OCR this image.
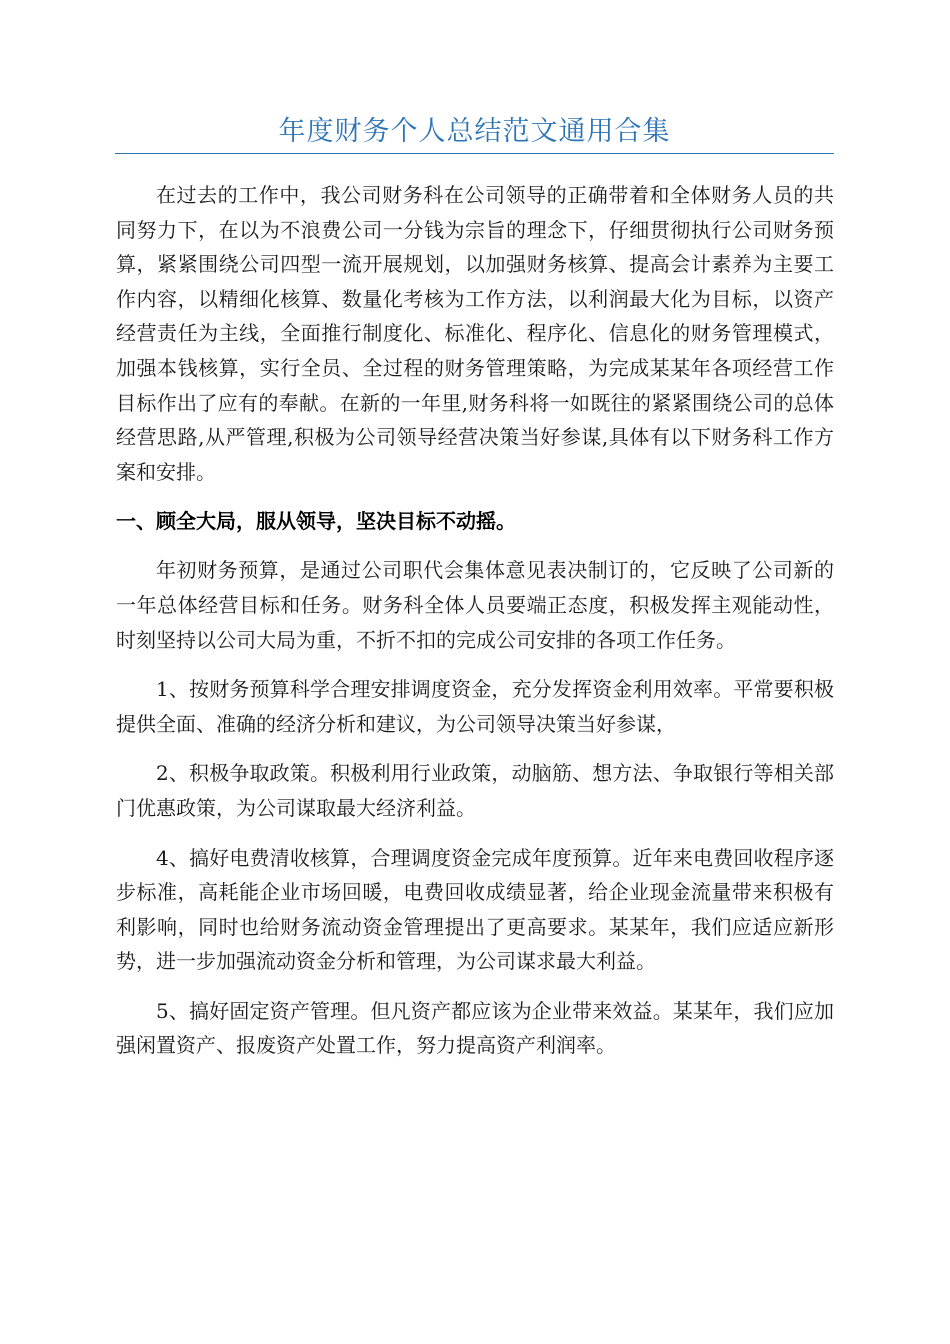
年度财务个人总结范文通用合集

在过去的工作中，我公司财务科在公司领导的正确带着和全体财务人员的共同努力下，在以为不浪费公司一分钱为宗旨的理念下，仔细贯彻执行公司财务预算，紧紧围绕公司四型一流开展规划，以加强财务核算、提高会计素养为主要工作内容，以精细化核算、数量化考核为工作方法，以利润最大化为目标，以资产经营责任为主线，全面推行制度化、标准化、程序化、信息化的财务管理模式，加强本钱核算，实行全员、全过程的财务管理策略，为完成某某年各项经营工作目标作出了应有的奉献。在新的一年里,财务科将一如既往的紧紧围绕公司的总体经营思路,从严管理,积极为公司领导经营决策当好参谋,具体有以下财务科工作方案和安排。

一、顾全大局，服从领导，坚决目标不动摇。

年初财务预算，是通过公司职代会集体意见表决制订的，它反映了公司新的一年总体经营目标和任务。财务科全体人员要端正态度，积极发挥主观能动性，时刻坚持以公司大局为重，不折不扣的完成公司安排的各项工作任务。

1、按财务预算科学合理安排调度资金，充分发挥资金利用效率。平常要积极提供全面、准确的经济分析和建议，为公司领导决策当好参谋，

2、积极争取政策。积极利用行业政策，动脑筋、想方法、争取银行等相关部门优惠政策，为公司谋取最大经济利益。

4、搞好电费清收核算，合理调度资金完成年度预算。近年来电费回收程序逐步标准，高耗能企业市场回暖，电费回收成绩显著，给企业现金流量带来积极有利影响，同时也给财务流动资金管理提出了更高要求。某某年，我们应适应新形势，进一步加强流动资金分析和管理，为公司谋求最大利益。

5、搞好固定资产管理。但凡资产都应该为企业带来效益。某某年，我们应加强闲置资产、报废资产处置工作，努力提高资产利润率。
